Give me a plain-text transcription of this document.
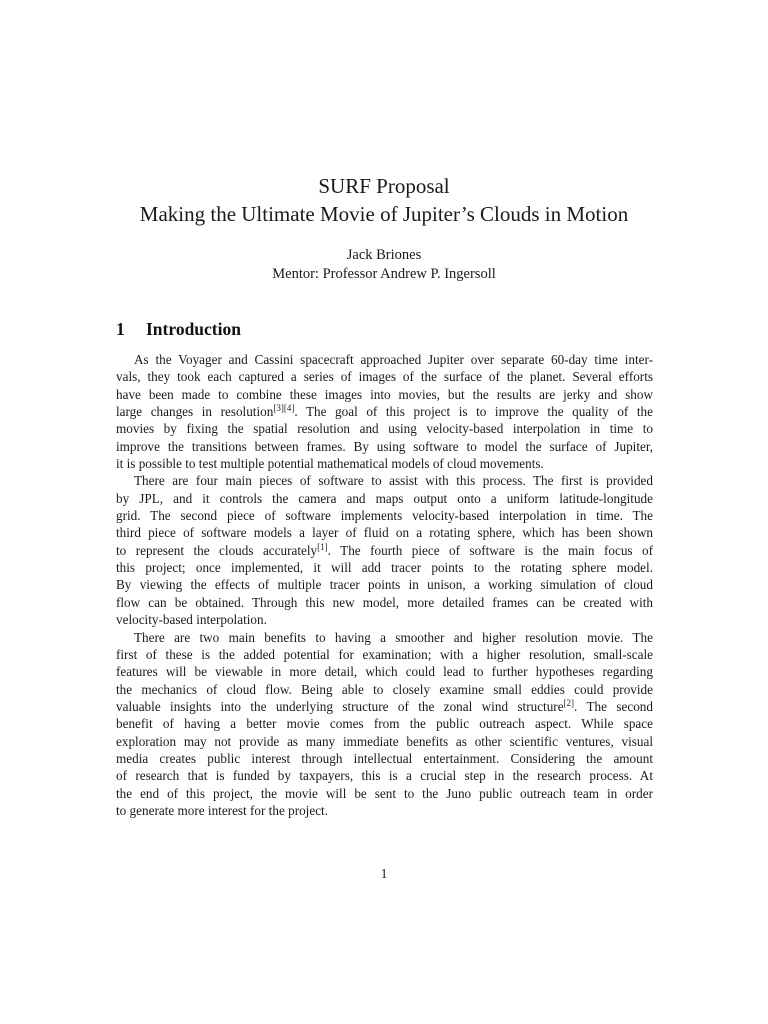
SURF Proposal
Making the Ultimate Movie of Jupiter’s Clouds in Motion
Jack Briones
Mentor: Professor Andrew P. Ingersoll
1 Introduction
As the Voyager and Cassini spacecraft approached Jupiter over separate 60-day time inter-
vals, they took each captured a series of images of the surface of the planet. Several efforts
have been made to combine these images into movies, but the results are jerky and show
large changes in resolution[3][4]. The goal of this project is to improve the quality of the
movies by fixing the spatial resolution and using velocity-based interpolation in time to
improve the transitions between frames. By using software to model the surface of Jupiter,
it is possible to test multiple potential mathematical models of cloud movements.
There are four main pieces of software to assist with this process. The first is provided
by JPL, and it controls the camera and maps output onto a uniform latitude-longitude
grid. The second piece of software implements velocity-based interpolation in time. The
third piece of software models a layer of fluid on a rotating sphere, which has been shown
to represent the clouds accurately[1]. The fourth piece of software is the main focus of
this project; once implemented, it will add tracer points to the rotating sphere model.
By viewing the effects of multiple tracer points in unison, a working simulation of cloud
flow can be obtained. Through this new model, more detailed frames can be created with
velocity-based interpolation.
There are two main benefits to having a smoother and higher resolution movie. The
first of these is the added potential for examination; with a higher resolution, small-scale
features will be viewable in more detail, which could lead to further hypotheses regarding
the mechanics of cloud flow. Being able to closely examine small eddies could provide
valuable insights into the underlying structure of the zonal wind structure[2]. The second
benefit of having a better movie comes from the public outreach aspect. While space
exploration may not provide as many immediate benefits as other scientific ventures, visual
media creates public interest through intellectual entertainment. Considering the amount
of research that is funded by taxpayers, this is a crucial step in the research process. At
the end of this project, the movie will be sent to the Juno public outreach team in order
to generate more interest for the project.
1
